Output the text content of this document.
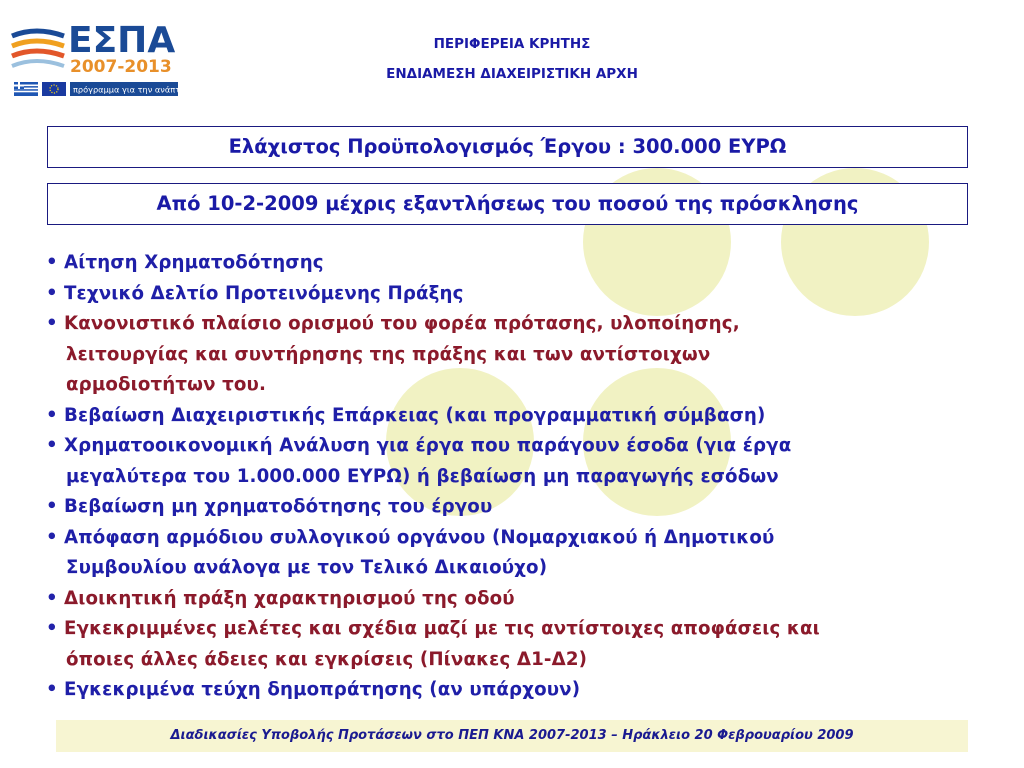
ΕΣΠΑ
2007-2013
πρόγραμμα για την ανάπτυξη
ΠΕΡΙΦΕΡΕΙΑ ΚΡΗΤΗΣ
ΕΝΔΙΑΜΕΣΗ ΔΙΑΧΕΙΡΙΣΤΙΚΗ ΑΡΧΗ
Ελάχιστος Προϋπολογισμός Έργου : 300.000 ΕΥΡΩ
Από 10-2-2009 μέχρις εξαντλήσεως του ποσού της πρόσκλησης
• Αίτηση Χρηματοδότησης
• Τεχνικό Δελτίο Προτεινόμενης Πράξης
• Κανονιστικό πλαίσιο ορισμού του φορέα πρότασης, υλοποίησης,
λειτουργίας και συντήρησης της πράξης και των αντίστοιχων
αρμοδιοτήτων του.
• Βεβαίωση Διαχειριστικής Επάρκειας (και προγραμματική σύμβαση)
• Χρηματοοικονομική Ανάλυση για έργα που παράγουν έσοδα (για έργα
μεγαλύτερα του 1.000.000 ΕΥΡΩ) ή βεβαίωση μη παραγωγής εσόδων
• Βεβαίωση μη χρηματοδότησης του έργου
• Απόφαση αρμόδιου συλλογικού οργάνου (Νομαρχιακού ή Δημοτικού
Συμβουλίου ανάλογα με τον Τελικό Δικαιούχο)
• Διοικητική πράξη χαρακτηρισμού της οδού
• Εγκεκριμμένες μελέτες και σχέδια μαζί με τις αντίστοιχες αποφάσεις και
όποιες άλλες άδειες και εγκρίσεις (Πίνακες Δ1-Δ2)
• Εγκεκριμένα τεύχη δημοπράτησης (αν υπάρχουν)
Διαδικασίες Υποβολής Προτάσεων στο ΠΕΠ ΚΝΑ 2007-2013 – Ηράκλειο 20 Φεβρουαρίου 2009
